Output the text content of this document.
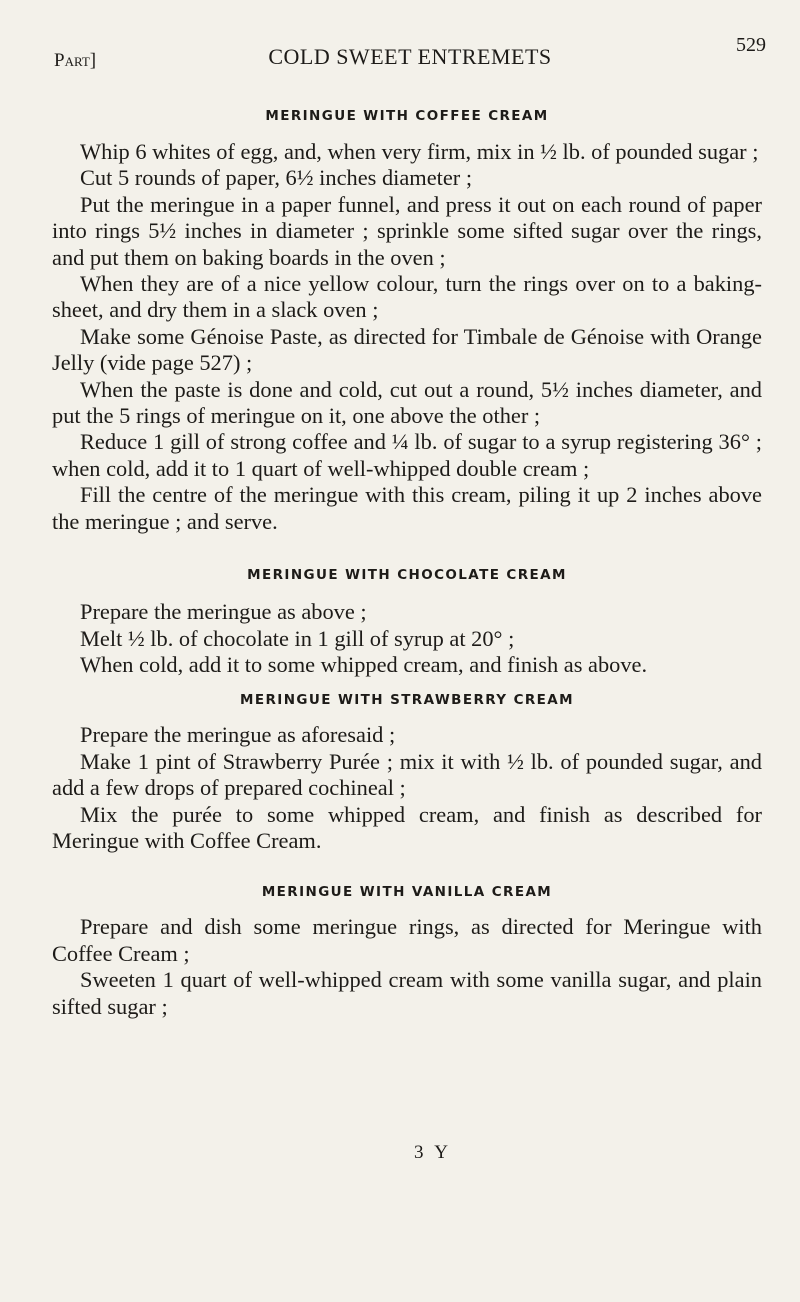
Part]	COLD SWEET ENTREMETS	529
MERINGUE WITH COFFEE CREAM

Whip 6 whites of egg, and, when very firm, mix in ½ lb. of pounded sugar ;

Cut 5 rounds of paper, 6½ inches diameter ;

Put the meringue in a paper funnel, and press it out on each round of paper into rings 5½ inches in diameter ; sprinkle some sifted sugar over the rings, and put them on baking boards in the oven ;

When they are of a nice yellow colour, turn the rings over on to a baking-sheet, and dry them in a slack oven ;

Make some Génoise Paste, as directed for Timbale de Génoise with Orange Jelly (vide page 527) ;

When the paste is done and cold, cut out a round, 5½ inches diameter, and put the 5 rings of meringue on it, one above the other ;

Reduce 1 gill of strong coffee and ¼ lb. of sugar to a syrup registering 36° ; when cold, add it to 1 quart of well-whipped double cream ;

Fill the centre of the meringue with this cream, piling it up 2 inches above the meringue ; and serve.

MERINGUE WITH CHOCOLATE CREAM

Prepare the meringue as above ;

Melt ½ lb. of chocolate in 1 gill of syrup at 20° ;

When cold, add it to some whipped cream, and finish as above.

MERINGUE WITH STRAWBERRY CREAM

Prepare the meringue as aforesaid ;

Make 1 pint of Strawberry Purée ; mix it with ½ lb. of pounded sugar, and add a few drops of prepared cochineal ;

Mix the purée to some whipped cream, and finish as described for Meringue with Coffee Cream.

MERINGUE WITH VANILLA CREAM

Prepare and dish some meringue rings, as directed for Meringue with Coffee Cream ;

Sweeten 1 quart of well-whipped cream with some vanilla sugar, and plain sifted sugar ;

3 Y
